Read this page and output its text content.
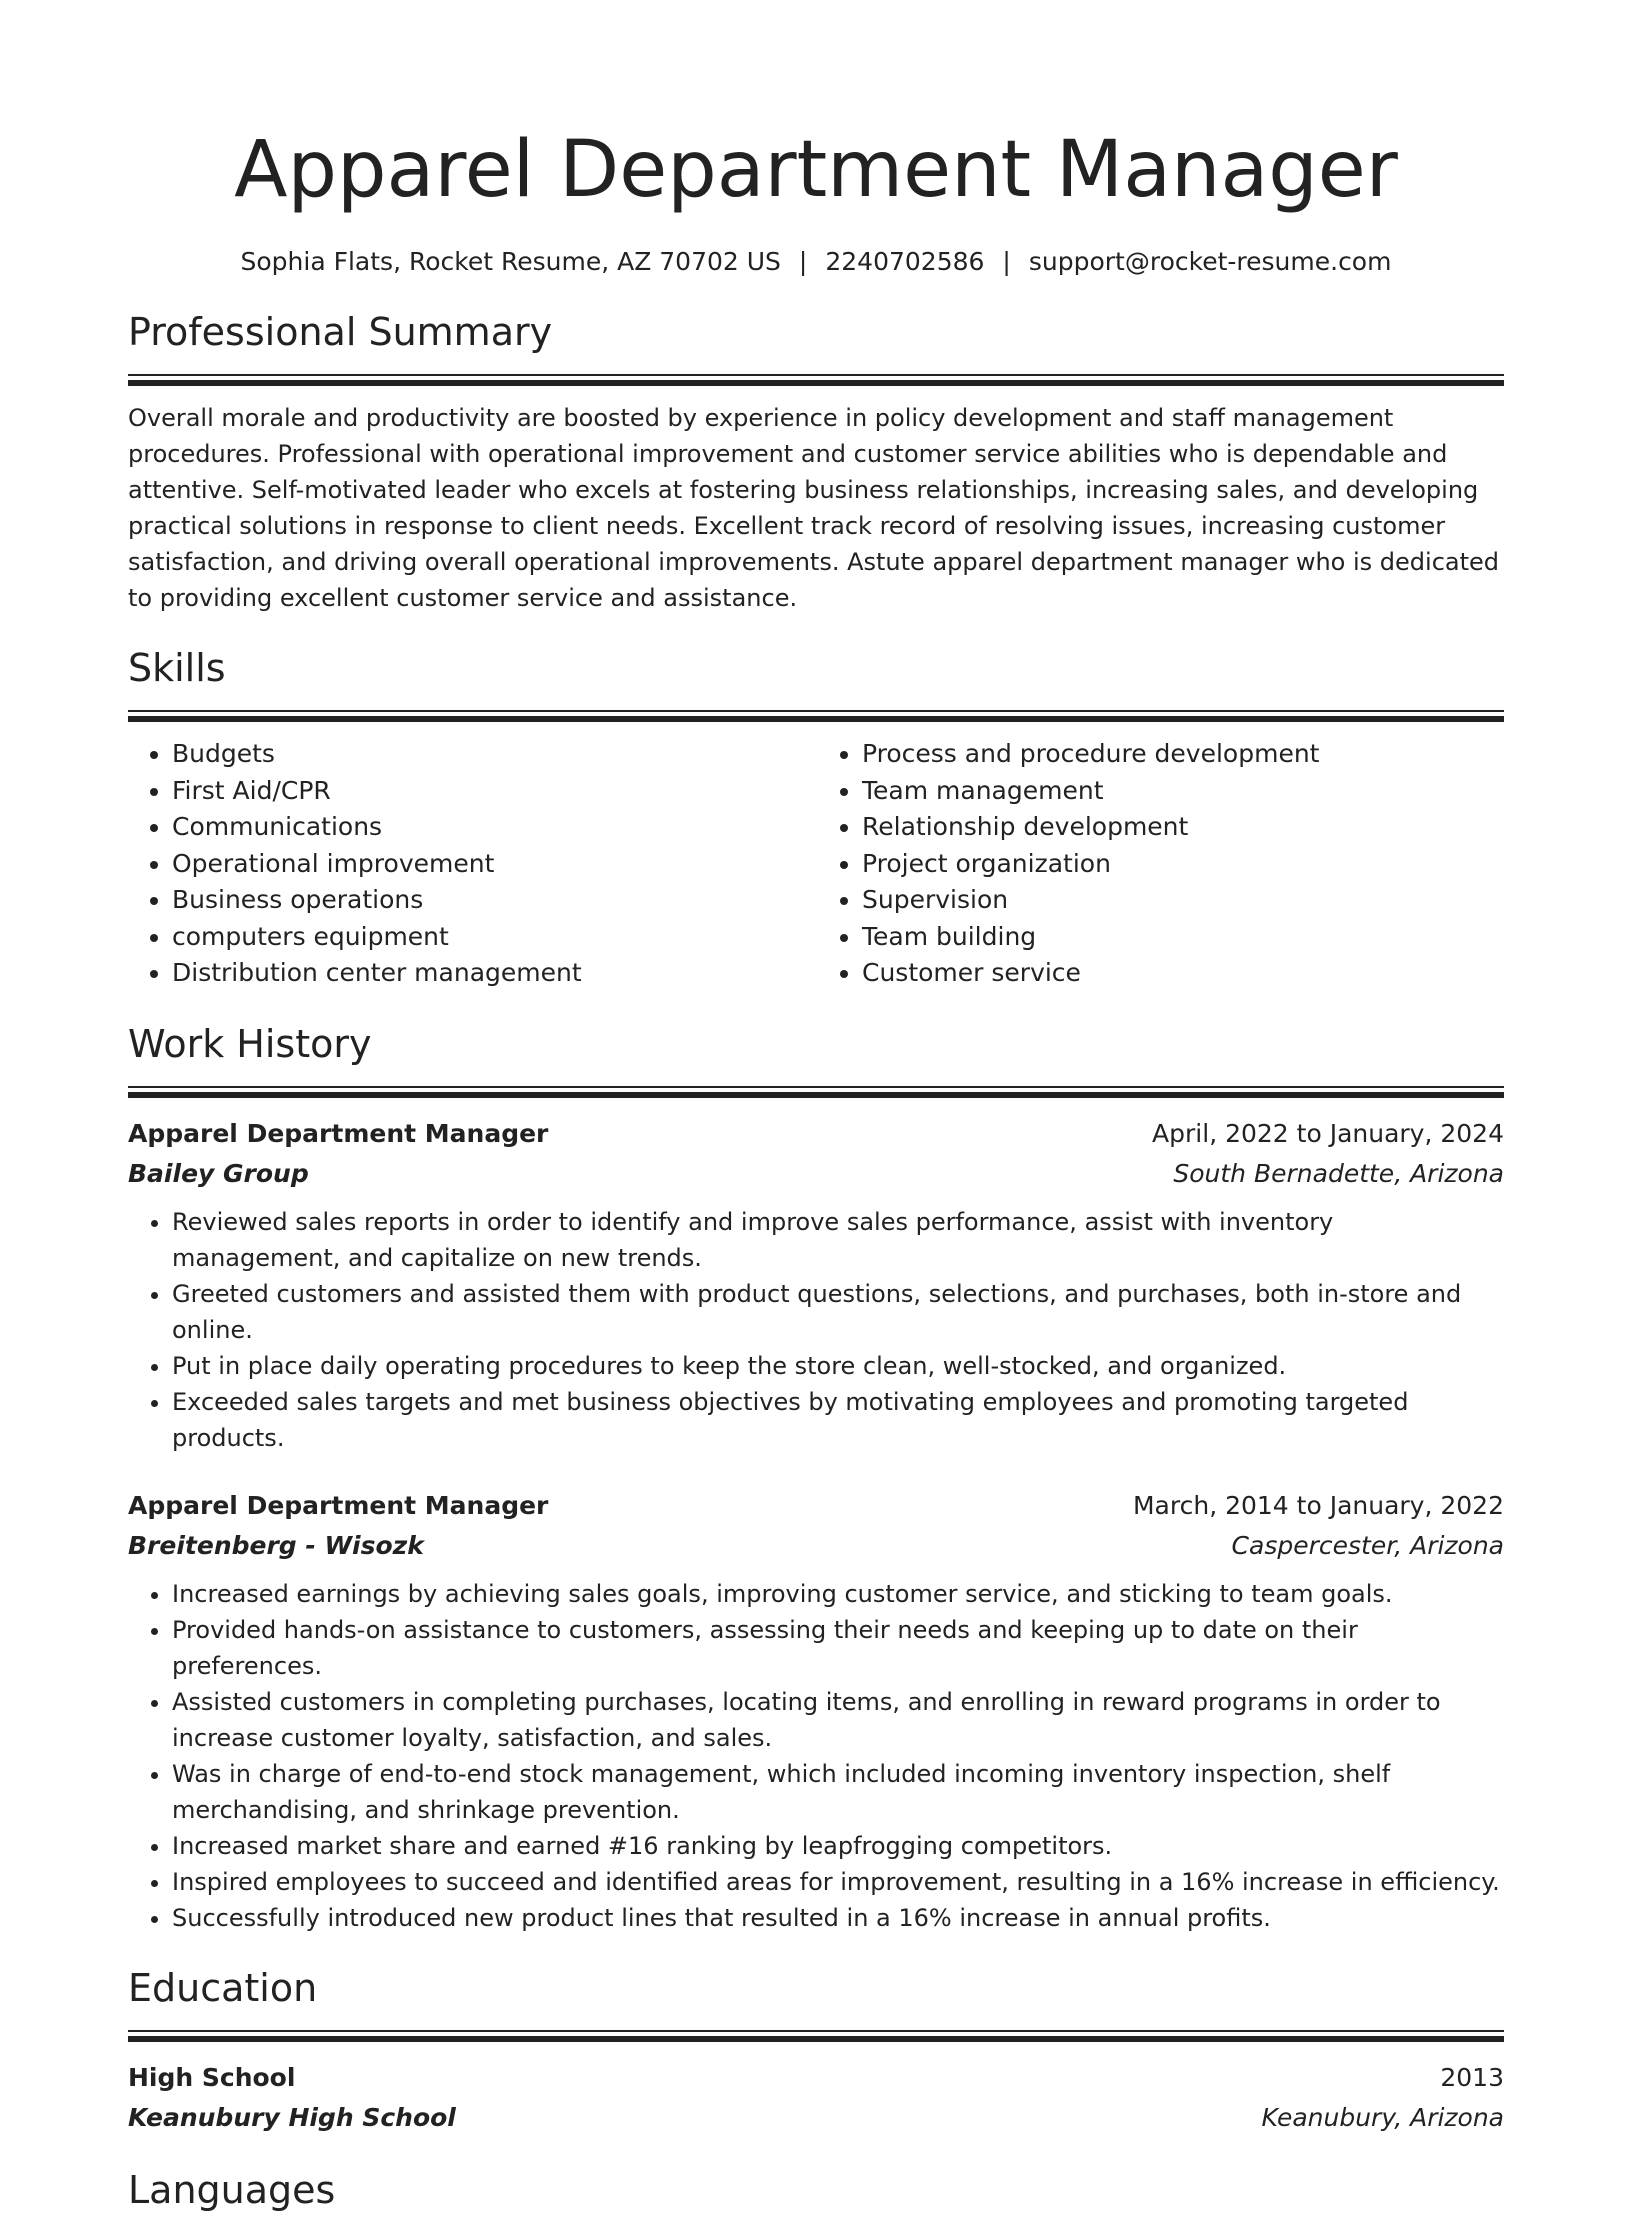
Apparel Department Manager
Sophia Flats, Rocket Resume, AZ 70702 US | 2240702586 | support@rocket-resume.com
Professional Summary
Overall morale and productivity are boosted by experience in policy development and staff management procedures. Professional with operational improvement and customer service abilities who is dependable and attentive. Self-motivated leader who excels at fostering business relationships, increasing sales, and developing practical solutions in response to client needs. Excellent track record of resolving issues, increasing customer satisfaction, and driving overall operational improvements. Astute apparel department manager who is dedicated to providing excellent customer service and assistance.
Skills
• Budgets
• First Aid/CPR
• Communications
• Operational improvement
• Business operations
• computers equipment
• Distribution center management
• Process and procedure development
• Team management
• Relationship development
• Project organization
• Supervision
• Team building
• Customer service
Work History
Apparel Department Manager	April, 2022 to January, 2024
Bailey Group	South Bernadette, Arizona
• Reviewed sales reports in order to identify and improve sales performance, assist with inventory management, and capitalize on new trends.
• Greeted customers and assisted them with product questions, selections, and purchases, both in-store and online.
• Put in place daily operating procedures to keep the store clean, well-stocked, and organized.
• Exceeded sales targets and met business objectives by motivating employees and promoting targeted products.
Apparel Department Manager	March, 2014 to January, 2022
Breitenberg - Wisozk	Caspercester, Arizona
• Increased earnings by achieving sales goals, improving customer service, and sticking to team goals.
• Provided hands-on assistance to customers, assessing their needs and keeping up to date on their preferences.
• Assisted customers in completing purchases, locating items, and enrolling in reward programs in order to increase customer loyalty, satisfaction, and sales.
• Was in charge of end-to-end stock management, which included incoming inventory inspection, shelf merchandising, and shrinkage prevention.
• Increased market share and earned #16 ranking by leapfrogging competitors.
• Inspired employees to succeed and identified areas for improvement, resulting in a 16% increase in efficiency.
• Successfully introduced new product lines that resulted in a 16% increase in annual profits.
Education
High School	2013
Keanubury High School	Keanubury, Arizona
Languages
